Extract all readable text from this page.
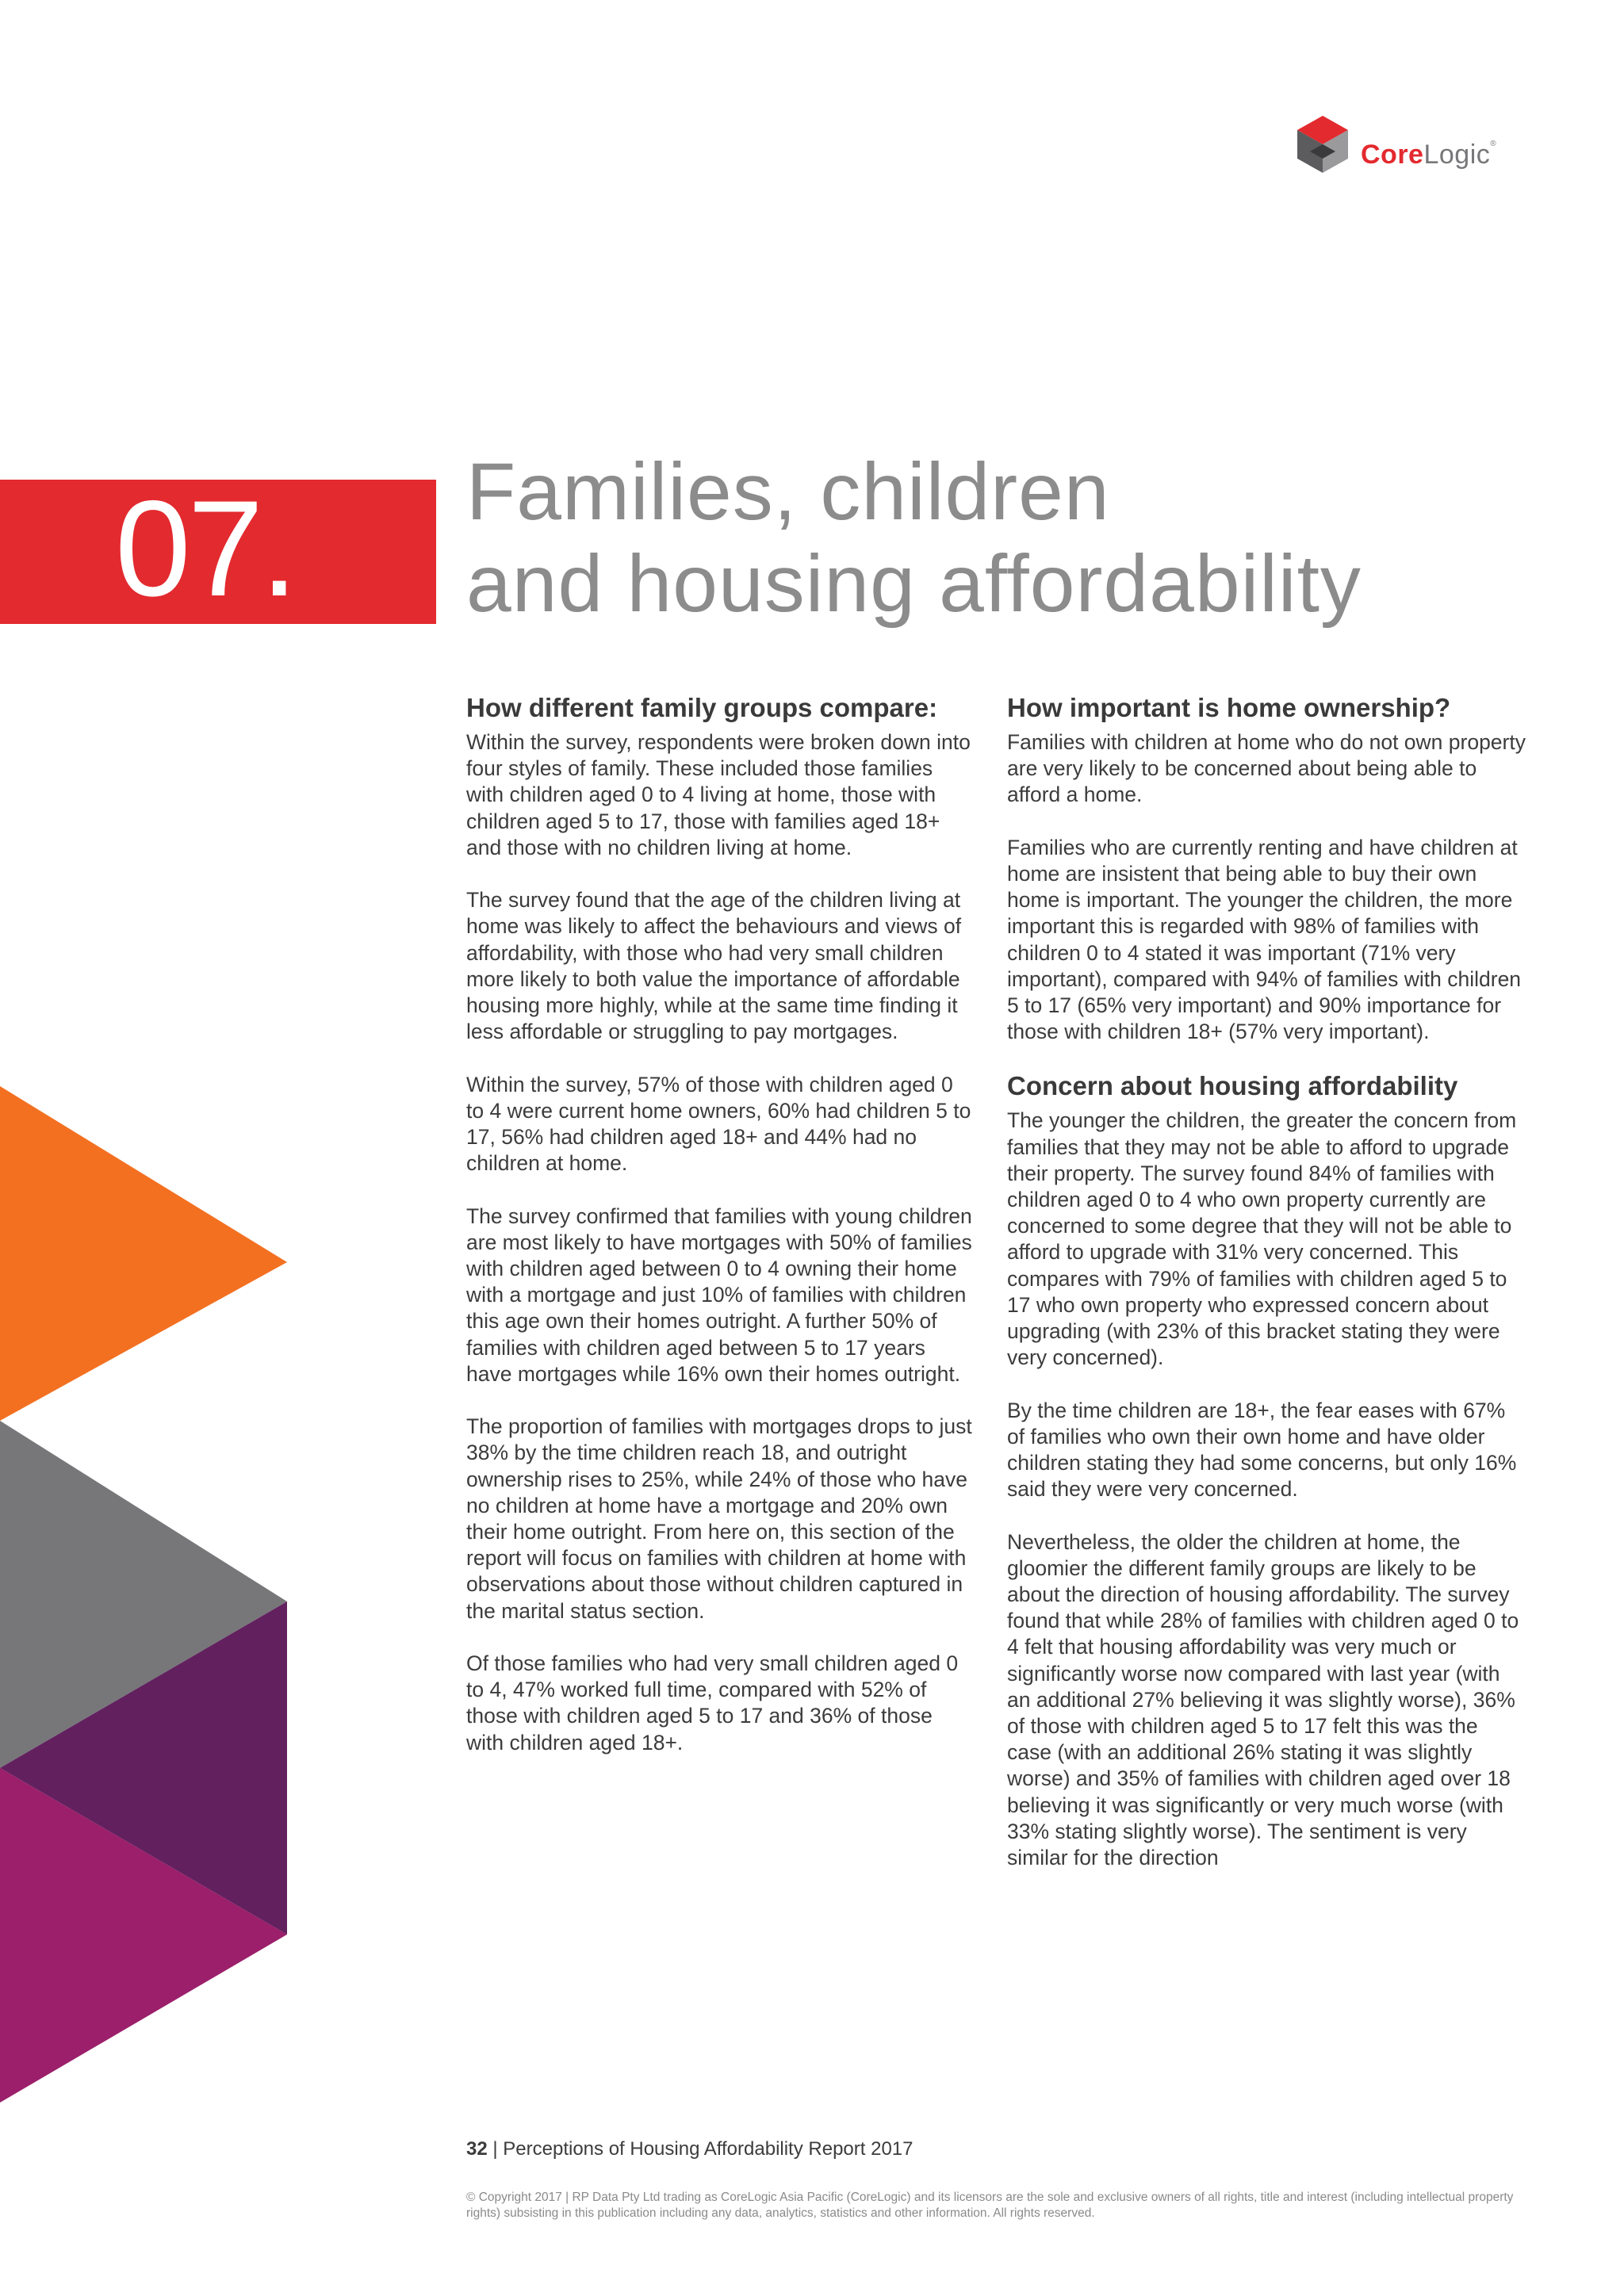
CoreLogic®
07.	Families, children
and housing affordability
How different family groups compare:

Within the survey, respondents were broken down into four styles of family. These included those families with children aged 0 to 4 living at home, those with children aged 5 to 17, those with families aged 18+ and those with no children living at home.

The survey found that the age of the children living at home was likely to affect the behaviours and views of affordability, with those who had very small children more likely to both value the importance of affordable housing more highly, while at the same time finding it less affordable or struggling to pay mortgages.

Within the survey, 57% of those with children aged 0 to 4 were current home owners, 60% had children 5 to 17, 56% had children aged 18+ and 44% had no children at home.

The survey confirmed that families with young children are most likely to have mortgages with 50% of families with children aged between 0 to 4 owning their home with a mortgage and just 10% of families with children this age own their homes outright. A further 50% of families with children aged between 5 to 17 years have mortgages while 16% own their homes outright.

The proportion of families with mortgages drops to just 38% by the time children reach 18, and outright ownership rises to 25%, while 24% of those who have no children at home have a mortgage and 20% own their home outright. From here on, this section of the report will focus on families with children at home with observations about those without children captured in the marital status section.

Of those families who had very small children aged 0 to 4, 47% worked full time, compared with 52% of those with children aged 5 to 17 and 36% of those with children aged 18+.

How important is home ownership?

Families with children at home who do not own property are very likely to be concerned about being able to afford a home.

Families who are currently renting and have children at home are insistent that being able to buy their own home is important. The younger the children, the more important this is regarded with 98% of families with children 0 to 4 stated it was important (71% very important), compared with 94% of families with children 5 to 17 (65% very important) and 90% importance for those with children 18+ (57% very important).

Concern about housing affordability

The younger the children, the greater the concern from families that they may not be able to afford to upgrade their property. The survey found 84% of families with children aged 0 to 4 who own property currently are concerned to some degree that they will not be able to afford to upgrade with 31% very concerned. This compares with 79% of families with children aged 5 to 17 who own property who expressed concern about upgrading (with 23% of this bracket stating they were very concerned).

By the time children are 18+, the fear eases with 67% of families who own their own home and have older children stating they had some concerns, but only 16% said they were very concerned.

Nevertheless, the older the children at home, the gloomier the different family groups are likely to be about the direction of housing affordability. The survey found that while 28% of families with children aged 0 to 4 felt that housing affordability was very much or significantly worse now compared with last year (with an additional 27% believing it was slightly worse), 36% of those with children aged 5 to 17 felt this was the case (with an additional 26% stating it was slightly worse) and 35% of families with children aged over 18 believing it was significantly or very much worse (with 33% stating slightly worse). The sentiment is very similar for the direction

32 | Perceptions of Housing Affordability Report 2017
© Copyright 2017 | RP Data Pty Ltd trading as CoreLogic Asia Pacific (CoreLogic) and its licensors are the sole and exclusive owners of all rights, title and interest (including intellectual property rights) subsisting in this publication including any data, analytics, statistics and other information. All rights reserved.
